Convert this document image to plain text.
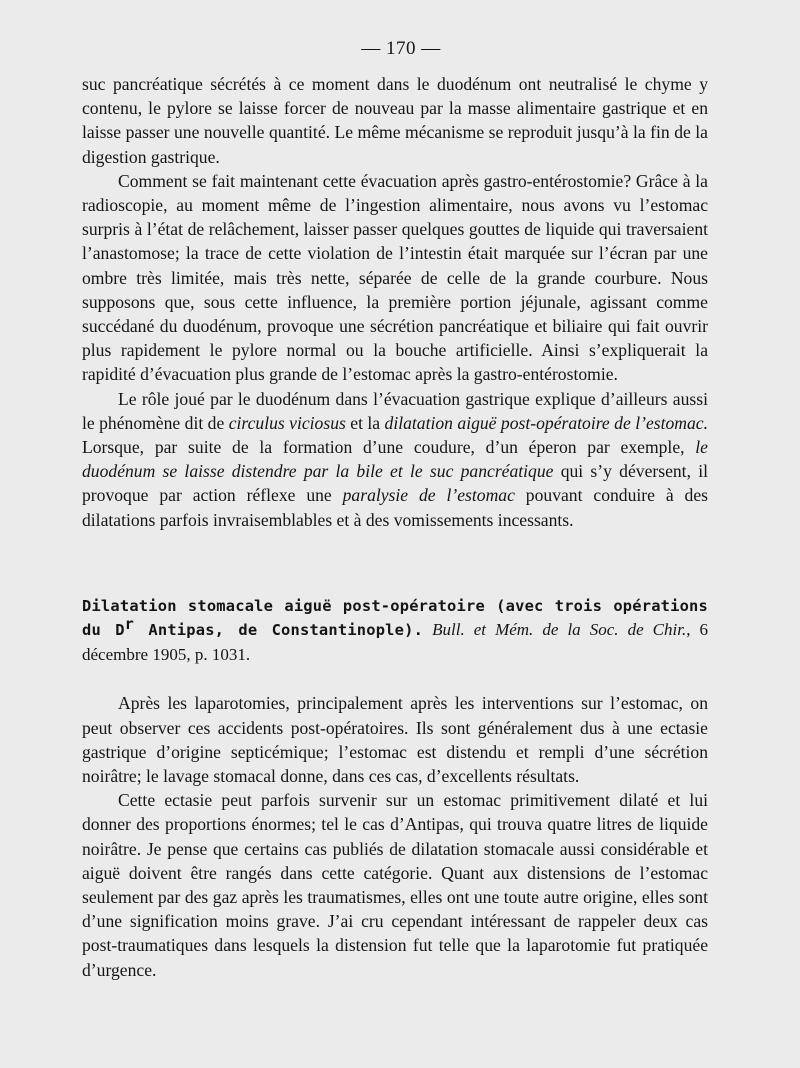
— 170 —

suc pancréatique sécrétés à ce moment dans le duodénum ont neutralisé le chyme y contenu, le pylore se laisse forcer de nouveau par la masse alimentaire gastrique et en laisse passer une nouvelle quantité. Le même mécanisme se reproduit jusqu’à la fin de la digestion gastrique.

Comment se fait maintenant cette évacuation après gastro-entérostomie? Grâce à la radioscopie, au moment même de l’ingestion alimentaire, nous avons vu l’estomac surpris à l’état de relâchement, laisser passer quelques gouttes de liquide qui traversaient l’anastomose; la trace de cette violation de l’intestin était marquée sur l’écran par une ombre très limitée, mais très nette, séparée de celle de la grande courbure. Nous supposons que, sous cette influence, la première portion jéjunale, agissant comme succédané du duodénum, provoque une sécrétion pancréatique et biliaire qui fait ouvrir plus rapidement le pylore normal ou la bouche artificielle. Ainsi s’expliquerait la rapidité d’évacuation plus grande de l’estomac après la gastro-entérostomie.

Le rôle joué par le duodénum dans l’évacuation gastrique explique d’ailleurs aussi le phénomène dit de circulus viciosus et la dilatation aiguë post-opératoire de l’estomac. Lorsque, par suite de la formation d’une coudure, d’un éperon par exemple, le duodénum se laisse distendre par la bile et le suc pancréatique qui s’y déversent, il provoque par action réflexe une paralysie de l’estomac pouvant conduire à des dilatations parfois invraisemblables et à des vomissements incessants.

Dilatation stomacale aiguë post-opératoire (avec trois opérations du $D^r$ Antipas, de Constantinople). Bull. et Mém. de la Soc. de Chir., 6 décembre 1905, p. 1031.

Après les laparotomies, principalement après les interventions sur l’estomac, on peut observer ces accidents post-opératoires. Ils sont généralement dus à une ectasie gastrique d’origine septicémique; l’estomac est distendu et rempli d’une sécrétion noirâtre; le lavage stomacal donne, dans ces cas, d’excellents résultats.

Cette ectasie peut parfois survenir sur un estomac primitivement dilaté et lui donner des proportions énormes; tel le cas d’Antipas, qui trouva quatre litres de liquide noirâtre. Je pense que certains cas publiés de dilatation stomacale aussi considérable et aiguë doivent être rangés dans cette catégorie. Quant aux distensions de l’estomac seulement par des gaz après les traumatismes, elles ont une toute autre origine, elles sont d’une signification moins grave. J’ai cru cependant intéressant de rappeler deux cas post-traumatiques dans lesquels la distension fut telle que la laparotomie fut pratiquée d’urgence.
